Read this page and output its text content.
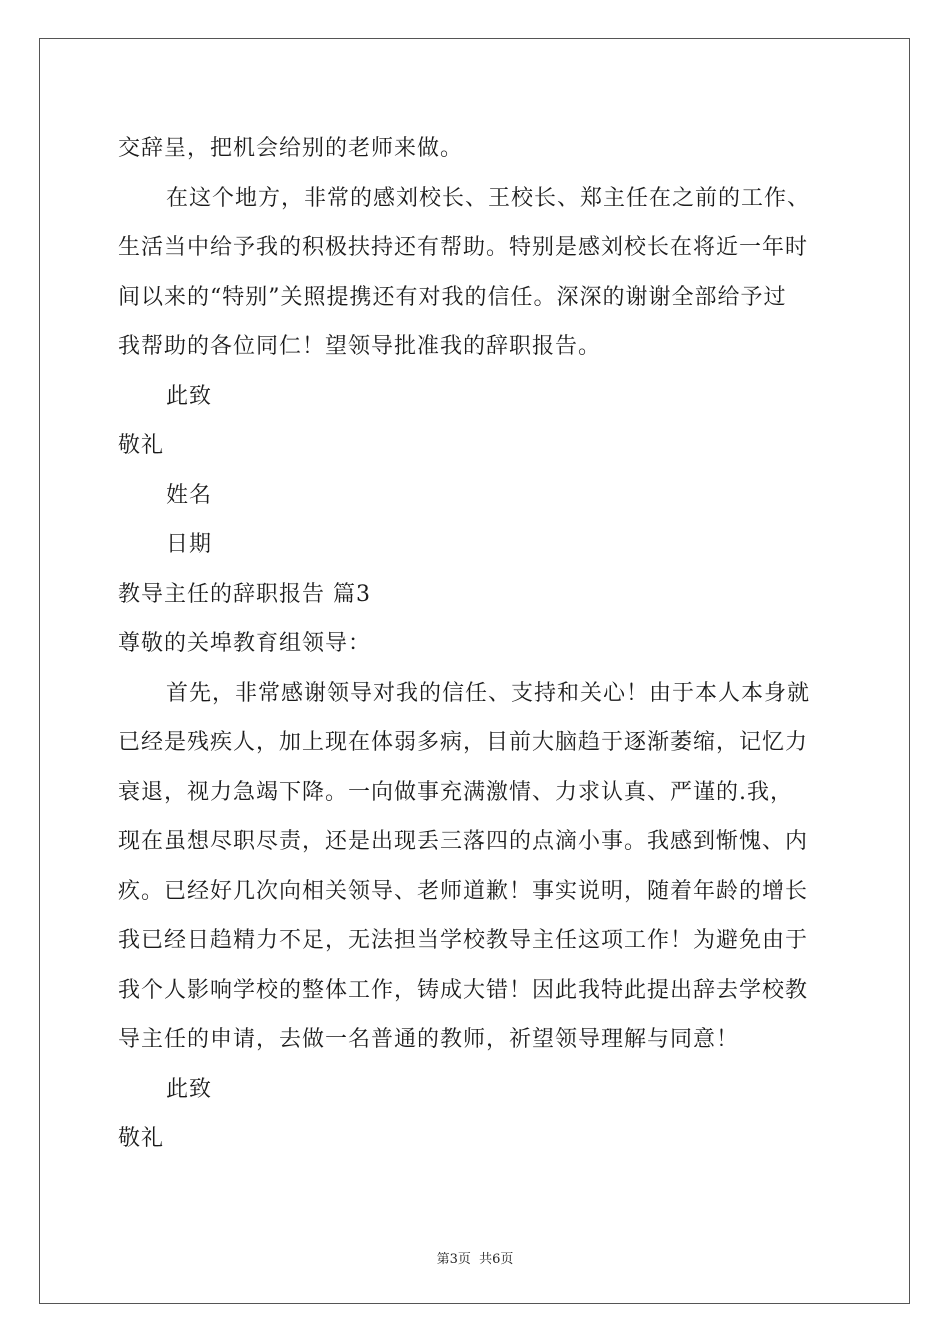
交辞呈，把机会给别的老师来做。
在这个地方，非常的感刘校长、王校长、郑主任在之前的工作、
生活当中给予我的积极扶持还有帮助。特别是感刘校长在将近一年时
间以来的“特别”关照提携还有对我的信任。深深的谢谢全部给予过
我帮助的各位同仁！望领导批准我的辞职报告。
此致
敬礼
姓名
日期
教导主任的辞职报告 篇3
尊敬的关埠教育组领导：
首先，非常感谢领导对我的信任、支持和关心！由于本人本身就
已经是残疾人，加上现在体弱多病，目前大脑趋于逐渐萎缩，记忆力
衰退，视力急竭下降。一向做事充满激情、力求认真、严谨的.我，
现在虽想尽职尽责，还是出现丢三落四的点滴小事。我感到惭愧、内
疚。已经好几次向相关领导、老师道歉！事实说明，随着年龄的增长
我已经日趋精力不足，无法担当学校教导主任这项工作！为避免由于
我个人影响学校的整体工作，铸成大错！因此我特此提出辞去学校教
导主任的申请，去做一名普通的教师，祈望领导理解与同意！
此致
敬礼
第3页 共6页
